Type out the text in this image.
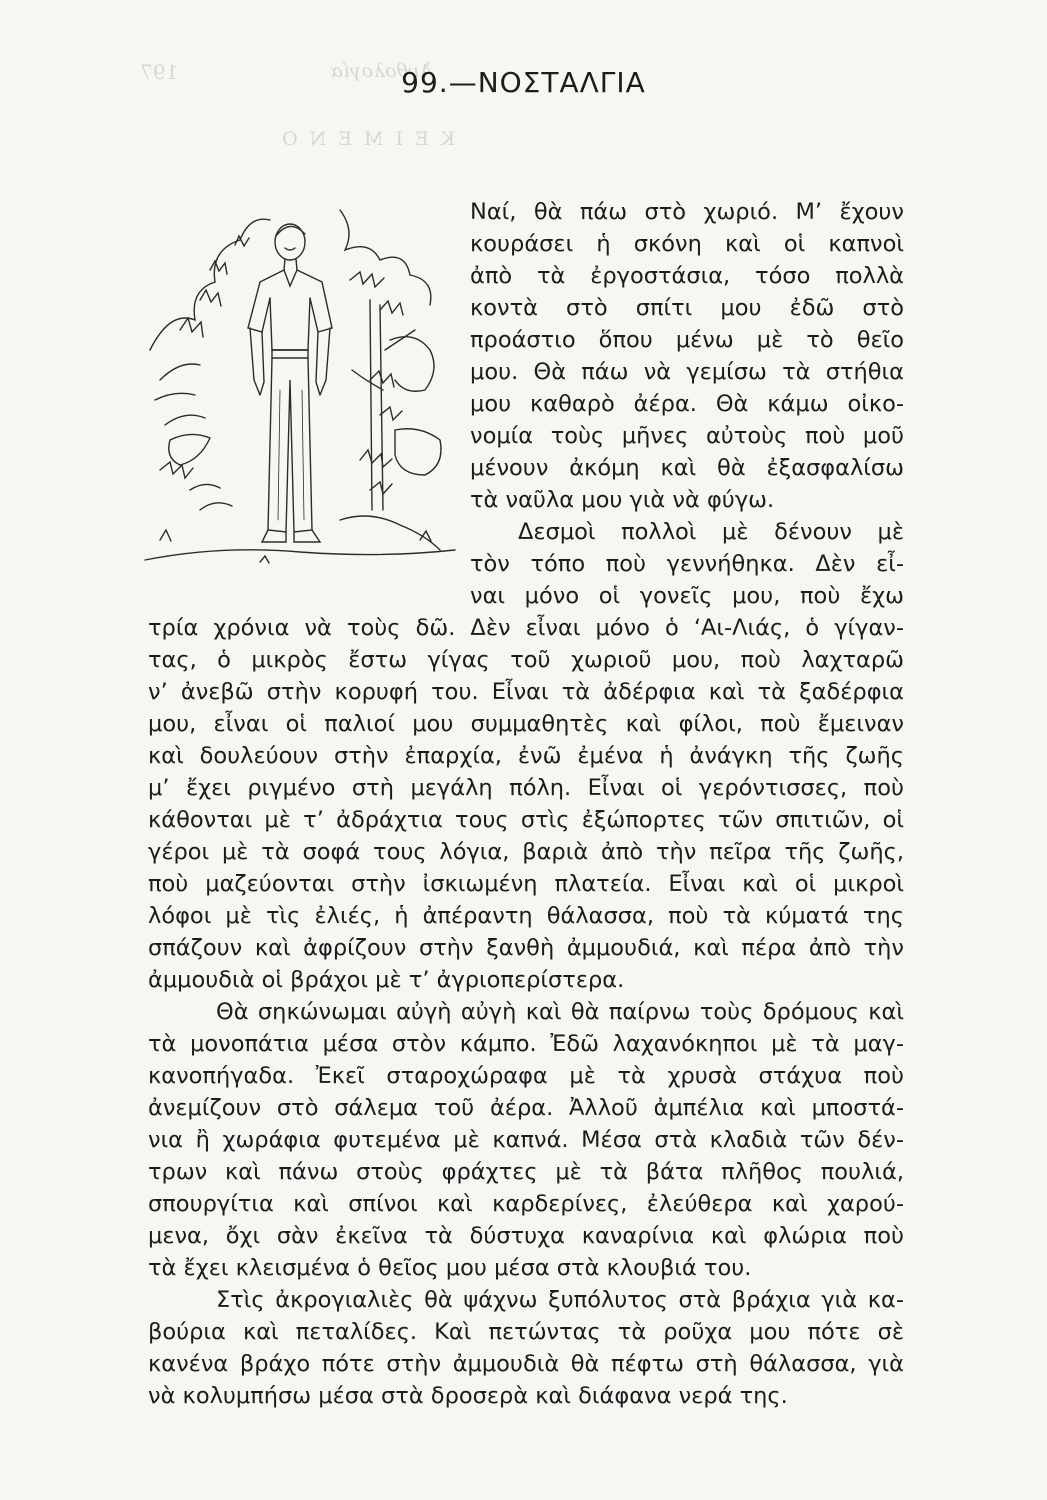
197	Ἀνθολογία
ΚΕΙΜΕΝΟ
99.—ΝΟΣΤΑΛΓΙΑ
Ναί, θὰ πάω στὸ χωριό. Μ’ ἔχουν
κουράσει ἡ σκόνη καὶ οἱ καπνοὶ
ἀπὸ τὰ ἐργοστάσια, τόσο πολλὰ
κοντὰ στὸ σπίτι μου ἐδῶ στὸ
προάστιο ὅπου μένω μὲ τὸ θεῖο
μου. Θὰ πάω νὰ γεμίσω τὰ στήθια
μου καθαρὸ ἀέρα. Θὰ κάμω οἰκο-
νομία τοὺς μῆνες αὐτοὺς ποὺ μοῦ
μένουν ἀκόμη καὶ θὰ ἐξασφαλίσω
τὰ ναῦλα μου γιὰ νὰ φύγω.
Δεσμοὶ πολλοὶ μὲ δένουν μὲ
τὸν τόπο ποὺ γεννήθηκα. Δὲν εἶ-
ναι μόνο οἱ γονεῖς μου, ποὺ ἔχω
τρία χρόνια νὰ τοὺς δῶ. Δὲν εἶναι μόνο ὁ ‘Αι-Λιάς, ὁ γίγαν-
τας, ὁ μικρὸς ἔστω γίγας τοῦ χωριοῦ μου, ποὺ λαχταρῶ
ν’ ἀνεβῶ στὴν κορυφή του. Εἶναι τὰ ἀδέρφια καὶ τὰ ξαδέρφια
μου, εἶναι οἱ παλιοί μου συμμαθητὲς καὶ φίλοι, ποὺ ἔμειναν
καὶ δουλεύουν στὴν ἐπαρχία, ἐνῶ ἐμένα ἡ ἀνάγκη τῆς ζωῆς
μ’ ἔχει ριγμένο στὴ μεγάλη πόλη. Εἶναι οἱ γερόντισσες, ποὺ
κάθονται μὲ τ’ ἀδράχτια τους στὶς ἐξώπορτες τῶν σπιτιῶν, οἱ
γέροι μὲ τὰ σοφά τους λόγια, βαριὰ ἀπὸ τὴν πεῖρα τῆς ζωῆς,
ποὺ μαζεύονται στὴν ἰσκιωμένη πλατεία. Εἶναι καὶ οἱ μικροὶ
λόφοι μὲ τὶς ἐλιές, ἡ ἀπέραντη θάλασσα, ποὺ τὰ κύματά της
σπάζουν καὶ ἀφρίζουν στὴν ξανθὴ ἀμμουδιά, καὶ πέρα ἀπὸ τὴν
ἀμμουδιὰ οἱ βράχοι μὲ τ’ ἀγριοπερίστερα.
Θὰ σηκώνωμαι αὐγὴ αὐγὴ καὶ θὰ παίρνω τοὺς δρόμους καὶ
τὰ μονοπάτια μέσα στὸν κάμπο. Ἐδῶ λαχανόκηποι μὲ τὰ μαγ-
κανοπήγαδα. Ἐκεῖ σταροχώραφα μὲ τὰ χρυσὰ στάχυα ποὺ
ἀνεμίζουν στὸ σάλεμα τοῦ ἀέρα. Ἀλλοῦ ἀμπέλια καὶ μποστά-
νια ἢ χωράφια φυτεμένα μὲ καπνά. Μέσα στὰ κλαδιὰ τῶν δέν-
τρων καὶ πάνω στοὺς φράχτες μὲ τὰ βάτα πλῆθος πουλιά,
σπουργίτια καὶ σπίνοι καὶ καρδερίνες, ἐλεύθερα καὶ χαρού-
μενα, ὄχι σὰν ἐκεῖνα τὰ δύστυχα καναρίνια καὶ φλώρια ποὺ
τὰ ἔχει κλεισμένα ὁ θεῖος μου μέσα στὰ κλουβιά του.
Στὶς ἀκρογιαλιὲς θὰ ψάχνω ξυπόλυτος στὰ βράχια γιὰ κα-
βούρια καὶ πεταλίδες. Καὶ πετώντας τὰ ροῦχα μου πότε σὲ
κανένα βράχο πότε στὴν ἀμμουδιὰ θὰ πέφτω στὴ θάλασσα, γιὰ
νὰ κολυμπήσω μέσα στὰ δροσερὰ καὶ διάφανα νερά της.
